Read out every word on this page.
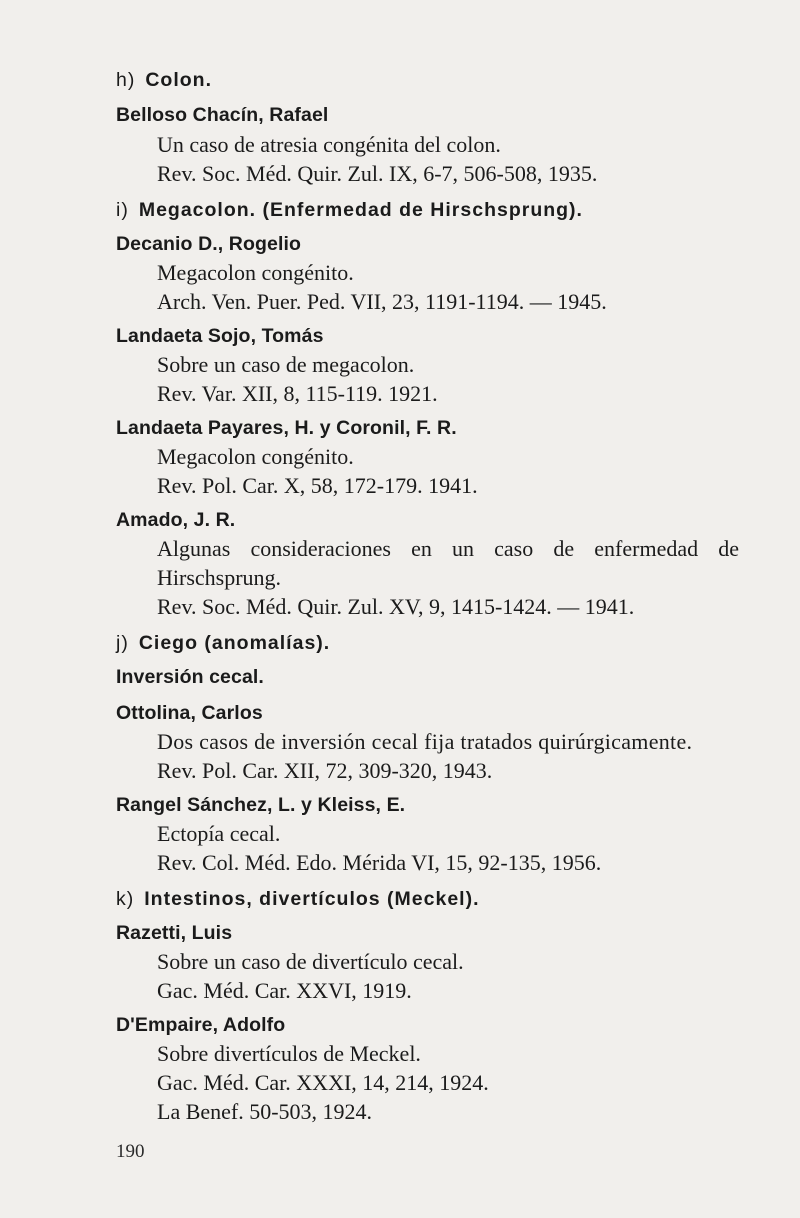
h) Colon.
Belloso Chacín, Rafael
Un caso de atresia congénita del colon.
Rev. Soc. Méd. Quir. Zul. IX, 6-7, 506-508, 1935.
i) Megacolon. (Enfermedad de Hirschsprung).
Decanio D., Rogelio
Megacolon congénito.
Arch. Ven. Puer. Ped. VII, 23, 1191-1194. — 1945.
Landaeta Sojo, Tomás
Sobre un caso de megacolon.
Rev. Var. XII, 8, 115-119. 1921.
Landaeta Payares, H. y Coronil, F. R.
Megacolon congénito.
Rev. Pol. Car. X, 58, 172-179. 1941.
Amado, J. R.
Algunas consideraciones en un caso de enfermedad de
Hirschsprung.
Rev. Soc. Méd. Quir. Zul. XV, 9, 1415-1424. — 1941.
j) Ciego (anomalías).
Inversión cecal.
Ottolina, Carlos
Dos casos de inversión cecal fija tratados quirúrgicamente.
Rev. Pol. Car. XII, 72, 309-320, 1943.
Rangel Sánchez, L. y Kleiss, E.
Ectopía cecal.
Rev. Col. Méd. Edo. Mérida VI, 15, 92-135, 1956.
k) Intestinos, divertículos (Meckel).
Razetti, Luis
Sobre un caso de divertículo cecal.
Gac. Méd. Car. XXVI, 1919.
D'Empaire, Adolfo
Sobre divertículos de Meckel.
Gac. Méd. Car. XXXI, 14, 214, 1924.
La Benef. 50-503, 1924.
190
